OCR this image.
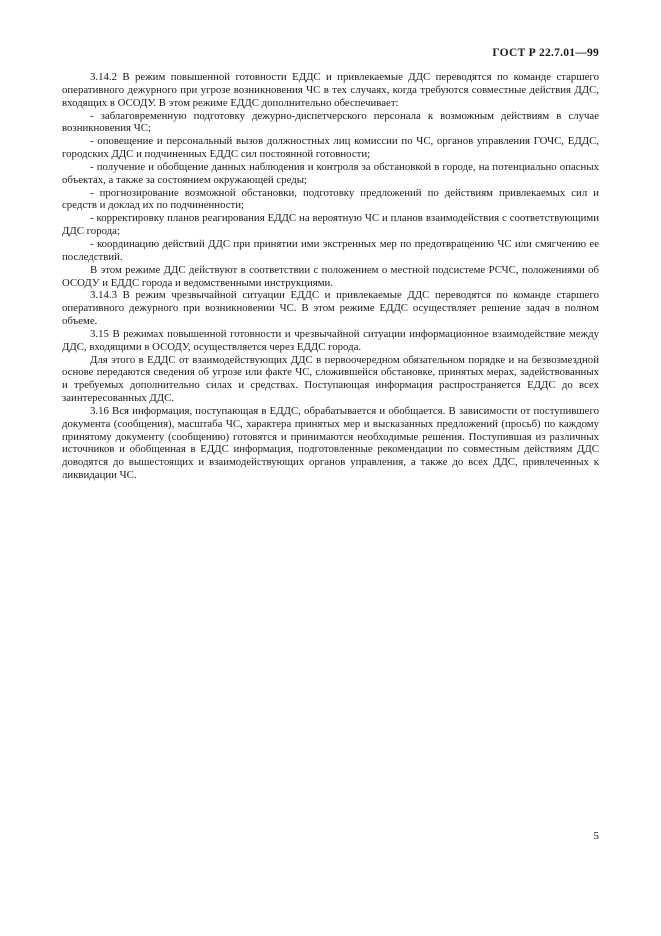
ГОСТ Р 22.7.01—99

3.14.2 В режим повышенной готовности ЕДДС и привлекаемые ДДС переводятся по команде старшего оперативного дежурного при угрозе возникновения ЧС в тех случаях, когда требуются совместные действия ДДС, входящих в ОСОДУ. В этом режиме ЕДДС дополнительно обеспечивает:

- заблаговременную подготовку дежурно-диспетчерского персонала к возможным действиям в случае возникновения ЧС;

- оповещение и персональный вызов должностных лиц комиссии по ЧС, органов управления ГОЧС, ЕДДС, городских ДДС и подчиненных ЕДДС сил постоянной готовности;

- получение и обобщение данных наблюдения и контроля за обстановкой в городе, на потенциально опасных объектах, а также за состоянием окружающей среды;

- прогнозирование возможной обстановки, подготовку предложений по действиям привлекаемых сил и средств и доклад их по подчиненности;

- корректировку планов реагирования ЕДДС на вероятную ЧС и планов взаимодействия с соответствующими ДДС города;

- координацию действий ДДС при принятии ими экстренных мер по предотвращению ЧС или смягчению ее последствий.

В этом режиме ДДС действуют в соответствии с положением о местной подсистеме РСЧС, положениями об ОСОДУ и ЕДДС города и ведомственными инструкциями.

3.14.3 В режим чрезвычайной ситуации ЕДДС и привлекаемые ДДС переводятся по команде старшего оперативного дежурного при возникновении ЧС. В этом режиме ЕДДС осуществляет решение задач в полном объеме.

3.15 В режимах повышенной готовности и чрезвычайной ситуации информационное взаимодействие между ДДС, входящими в ОСОДУ, осуществляется через ЕДДС города.

Для этого в ЕДДС от взаимодействующих ДДС в первоочередном обязательном порядке и на безвозмездной основе передаются сведения об угрозе или факте ЧС, сложившейся обстановке, принятых мерах, задействованных и требуемых дополнительно силах и средствах. Поступающая информация распространяется ЕДДС до всех заинтересованных ДДС.

3.16 Вся информация, поступающая в ЕДДС, обрабатывается и обобщается. В зависимости от поступившего документа (сообщения), масштаба ЧС, характера принятых мер и высказанных предложений (просьб) по каждому принятому документу (сообщению) готовятся и принимаются необходимые решения. Поступившая из различных источников и обобщенная в ЕДДС информация, подготовленные рекомендации по совместным действиям ДДС доводятся до вышестоящих и взаимодействующих органов управления, а также до всех ДДС, привлеченных к ликвидации ЧС.

5
